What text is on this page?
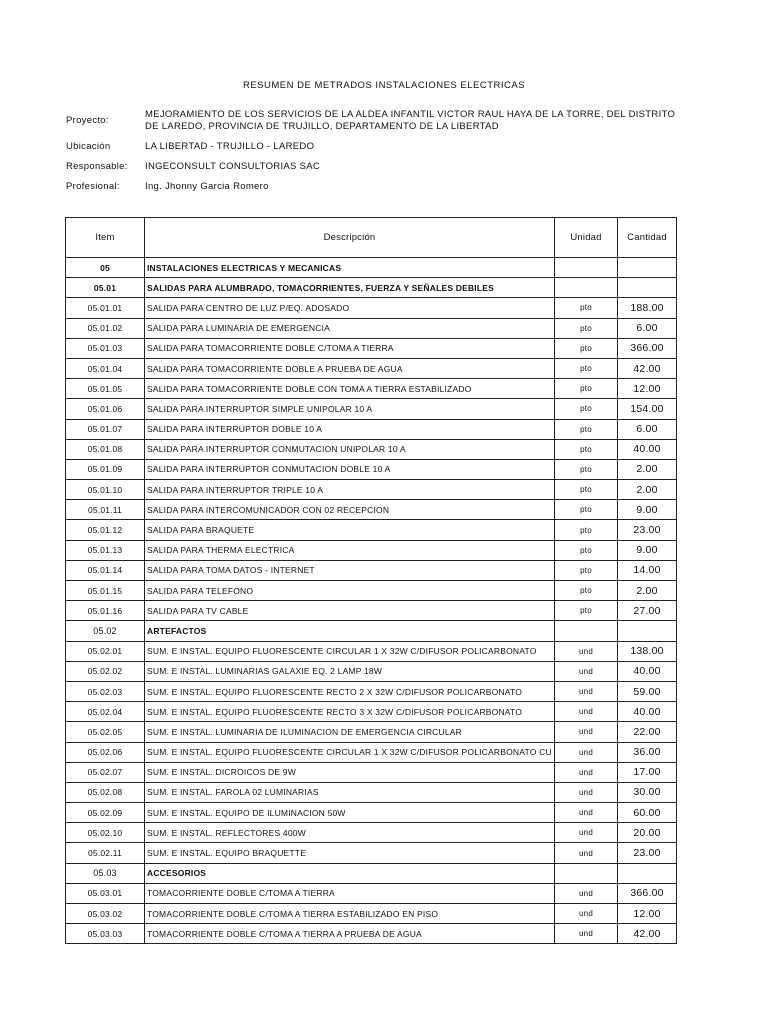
RESUMEN DE METRADOS INSTALACIONES ELECTRICAS
Proyecto:
MEJORAMIENTO DE LOS SERVICIOS DE LA ALDEA INFANTIL VICTOR RAUL HAYA DE LA TORRE, DEL DISTRITO
DE LAREDO, PROVINCIA DE TRUJILLO, DEPARTAMENTO DE LA LIBERTAD
Ubicación	LA LIBERTAD - TRUJILLO - LAREDO
Responsable: INGECONSULT CONSULTORIAS SAC
Profesional:	Ing. Jhonny Garcia Romero
Item	Descripción	Unidad	Cantidad
05	INSTALACIONES ELECTRICAS Y MECANICAS		
05.01	SALIDAS PARA ALUMBRADO, TOMACORRIENTES, FUERZA Y SEÑALES DEBILES		
05.01.01	SALIDA PARA CENTRO DE LUZ P/EQ. ADOSADO	pto	188.00
05.01.02	SALIDA PARA LUMINARIA DE EMERGENCIA	pto	6.00
05.01.03	SALIDA PARA TOMACORRIENTE DOBLE C/TOMA A TIERRA	pto	366.00
05.01.04	SALIDA PARA TOMACORRIENTE DOBLE A PRUEBA DE AGUA	pto	42.00
05.01.05	SALIDA PARA TOMACORRIENTE DOBLE CON TOMA A TIERRA ESTABILIZADO	pto	12.00
05.01.06	SALIDA PARA INTERRUPTOR SIMPLE UNIPOLAR 10 A	pto	154.00
05.01.07	SALIDA PARA INTERRUPTOR DOBLE 10 A	pto	6.00
05.01.08	SALIDA PARA INTERRUPTOR CONMUTACION UNIPOLAR 10 A	pto	40.00
05.01.09	SALIDA PARA INTERRUPTOR CONMUTACION DOBLE 10 A	pto	2.00
05.01.10	SALIDA PARA INTERRUPTOR TRIPLE 10 A	pto	2.00
05.01.11	SALIDA PARA INTERCOMUNICADOR CON 02 RECEPCION	pto	9.00
05.01.12	SALIDA PARA BRAQUETE	pto	23.00
05.01.13	SALIDA PARA THERMA ELECTRICA	pto	9.00
05.01.14	SALIDA PARA TOMA DATOS - INTERNET	pto	14.00
05.01.15	SALIDA PARA TELEFONO	pto	2.00
05.01.16	SALIDA PARA TV CABLE	pto	27.00
05.02	ARTEFACTOS		
05.02.01	SUM. E INSTAL. EQUIPO FLUORESCENTE CIRCULAR 1 X 32W C/DIFUSOR POLICARBONATO	und	138.00
05.02.02	SUM. E INSTAL. LUMINARIAS GALAXIE EQ. 2 LAMP 18W	und	40.00
05.02.03	SUM. E INSTAL. EQUIPO FLUORESCENTE RECTO 2 X 32W C/DIFUSOR POLICARBONATO	und	59.00
05.02.04	SUM. E INSTAL. EQUIPO FLUORESCENTE RECTO 3 X 32W C/DIFUSOR POLICARBONATO	und	40.00
05.02.05	SUM. E INSTAL. LUMINARIA DE ILUMINACION DE EMERGENCIA CIRCULAR	und	22.00
05.02.06	SUM. E INSTAL. EQUIPO FLUORESCENTE CIRCULAR 1 X 32W C/DIFUSOR POLICARBONATO CU	und	36.00
05.02.07	SUM. E INSTAL. DICROICOS DE 9W	und	17.00
05.02.08	SUM. E INSTAL. FAROLA 02 LUMINARIAS	und	30.00
05.02.09	SUM. E INSTAL. EQUIPO DE ILUMINACION 50W	und	60.00
05.02.10	SUM. E INSTAL. REFLECTORES 400W	und	20.00
05.02.11	SUM. E INSTAL. EQUIPO BRAQUETTE	und	23.00
05.03	ACCESORIOS		
05.03.01	TOMACORRIENTE DOBLE C/TOMA A TIERRA	und	366.00
05.03.02	TOMACORRIENTE DOBLE C/TOMA A TIERRA ESTABILIZADO EN PISO	und	12.00
05.03.03	TOMACORRIENTE DOBLE C/TOMA A TIERRA A PRUEBA DE AGUA	und	42.00
